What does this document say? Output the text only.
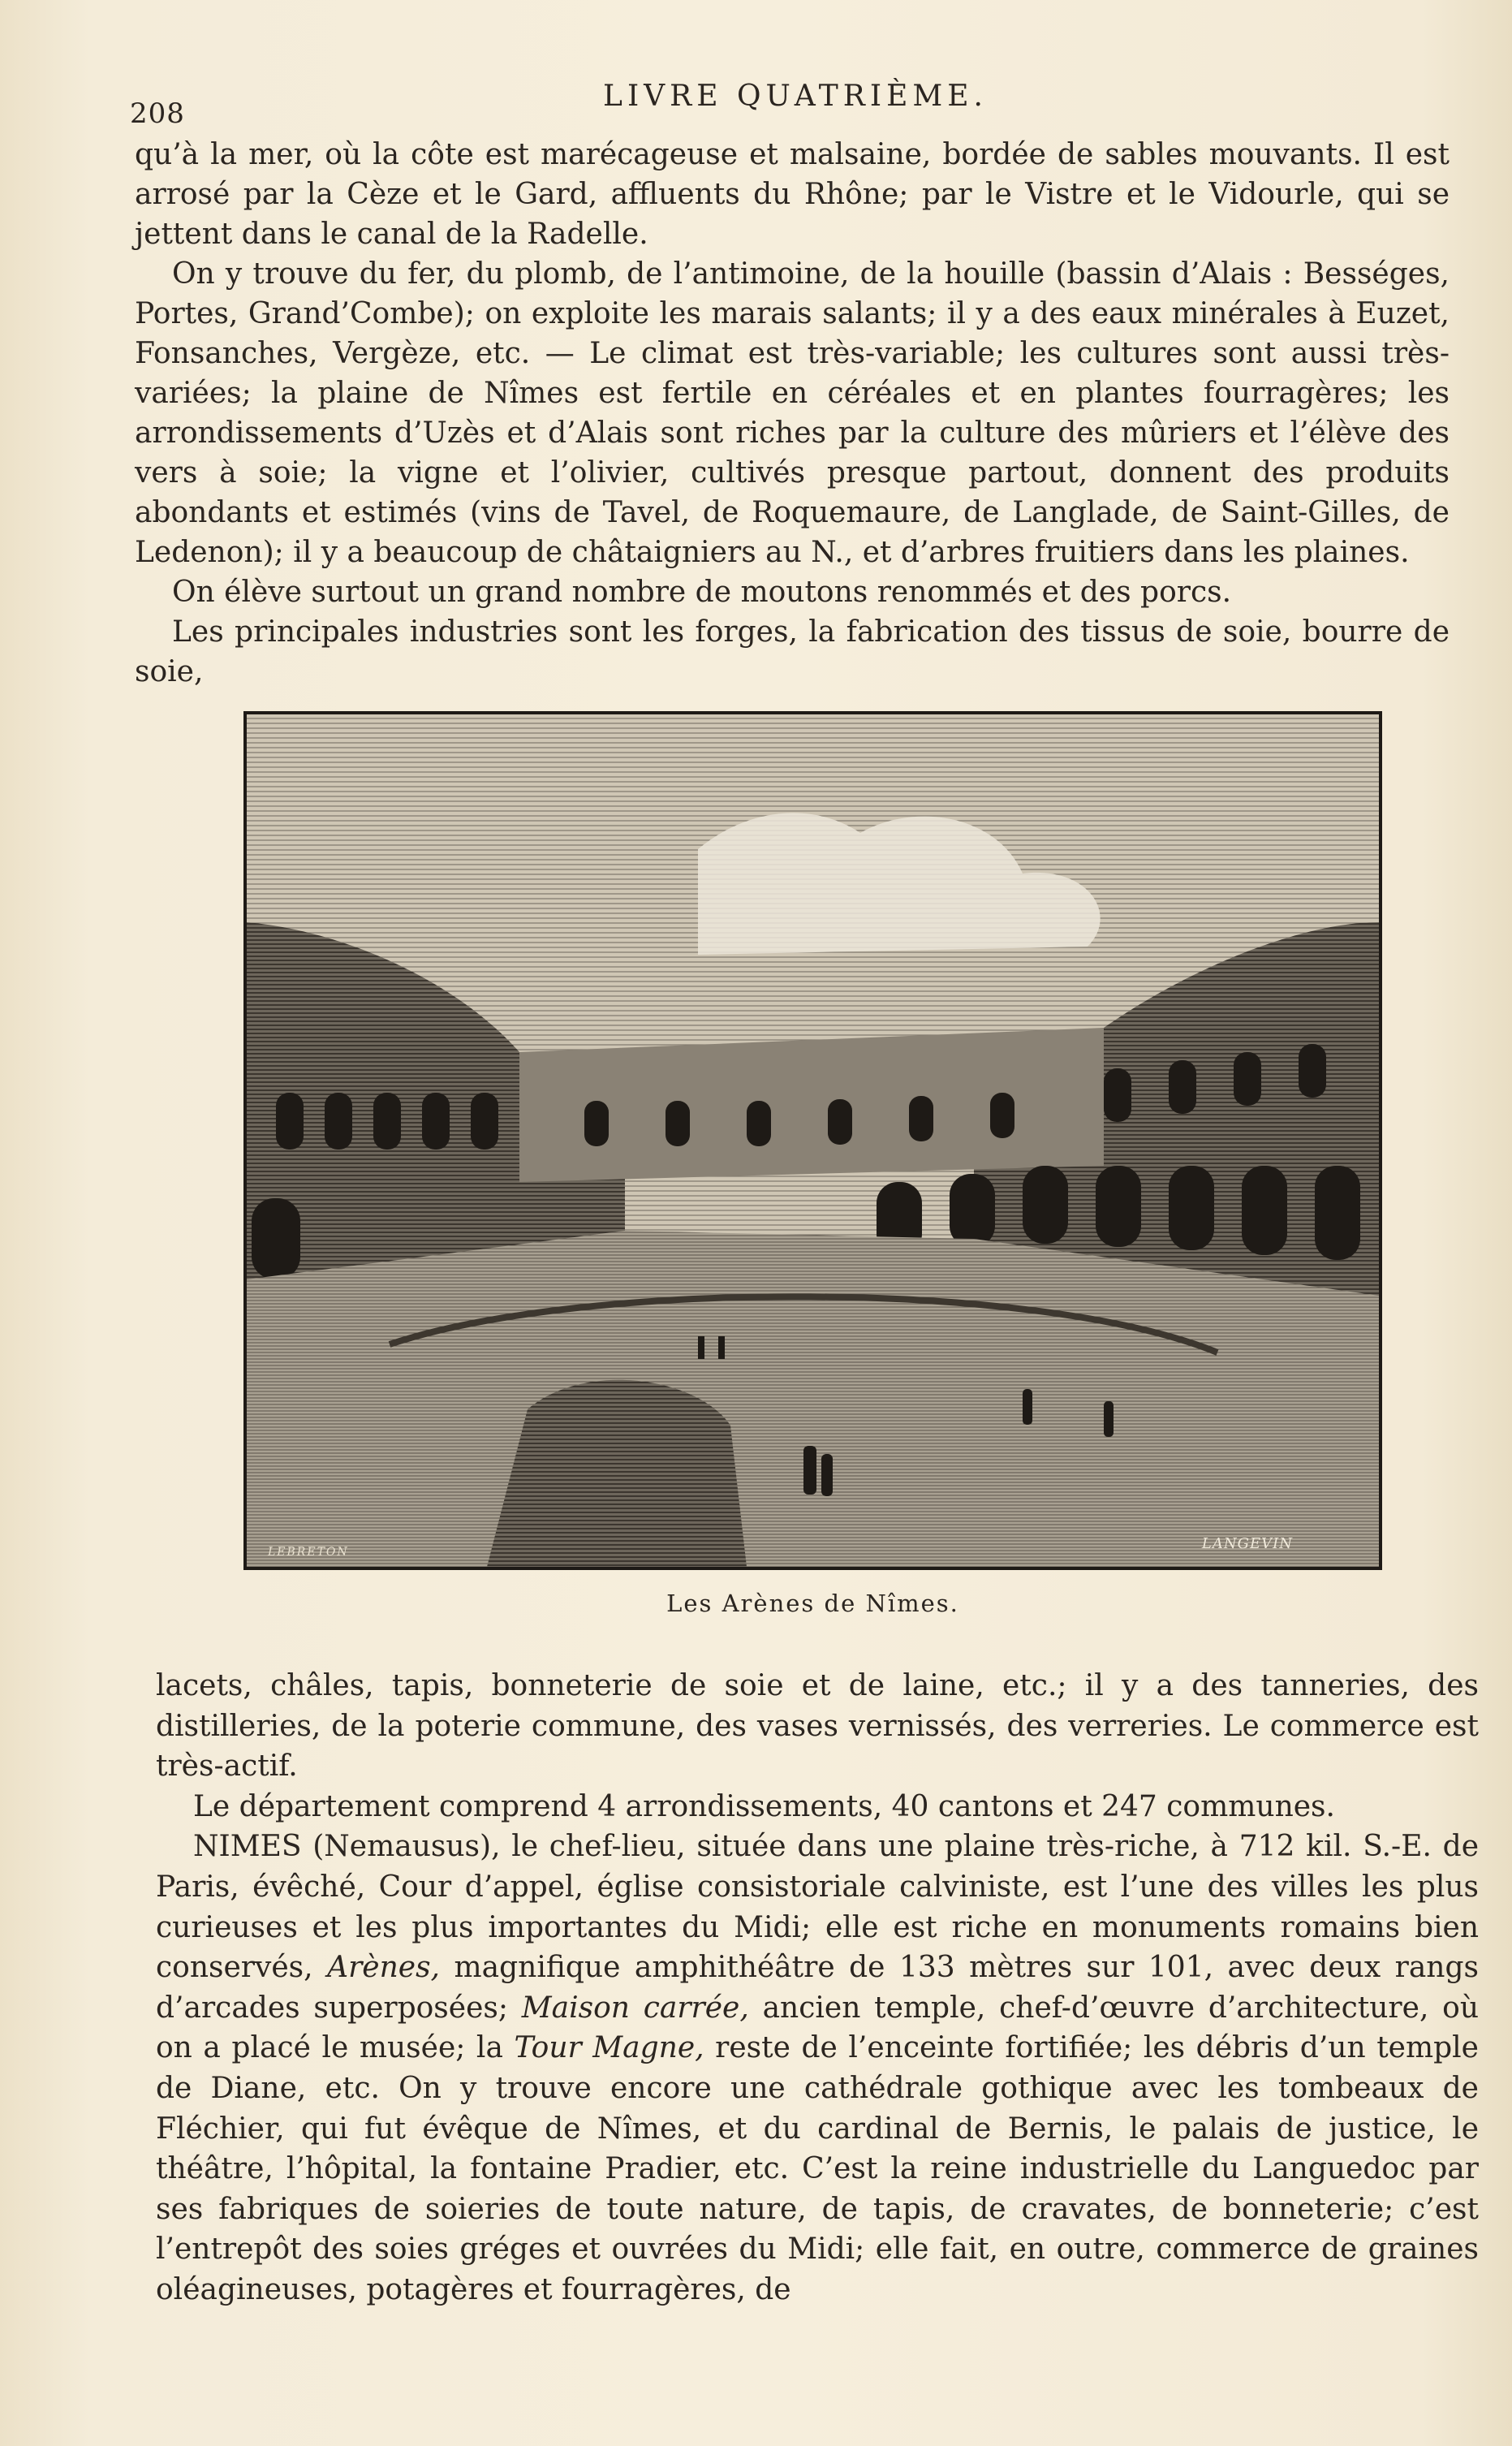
208
LIVRE QUATRIÈME.

qu’à la mer, où la côte est marécageuse et malsaine, bordée de sables mouvants. Il est arrosé par la Cèze et le Gard, affluents du Rhône; par le Vistre et le Vidourle, qui se jettent dans le canal de la Radelle.

On y trouve du fer, du plomb, de l’antimoine, de la houille (bassin d’Alais : Bességes, Portes, Grand’Combe); on exploite les marais salants; il y a des eaux minérales à Euzet, Fonsanches, Vergèze, etc. — Le climat est très-variable; les cultures sont aussi très-variées; la plaine de Nîmes est fertile en céréales et en plantes fourragères; les arrondissements d’Uzès et d’Alais sont riches par la culture des mûriers et l’élève des vers à soie; la vigne et l’olivier, cultivés presque partout, donnent des produits abondants et estimés (vins de Tavel, de Roquemaure, de Langlade, de Saint-Gilles, de Ledenon); il y a beaucoup de châtaigniers au N., et d’arbres fruitiers dans les plaines.

On élève surtout un grand nombre de moutons renommés et des porcs.

Les principales industries sont les forges, la fabrication des tissus de soie, bourre de soie,

LEBRETON	LANGEVIN
Les Arènes de Nîmes.

lacets, châles, tapis, bonneterie de soie et de laine, etc.; il y a des tanneries, des distilleries, de la poterie commune, des vases vernissés, des verreries. Le commerce est très-actif.

Le département comprend 4 arrondissements, 40 cantons et 247 communes.

NIMES (Nemausus), le chef-lieu, située dans une plaine très-riche, à 712 kil. S.-E. de Paris, évêché, Cour d’appel, église consistoriale calviniste, est l’une des villes les plus curieuses et les plus importantes du Midi; elle est riche en monuments romains bien conservés, Arènes, magnifique amphithéâtre de 133 mètres sur 101, avec deux rangs d’arcades superposées; Maison carrée, ancien temple, chef-d’œuvre d’architecture, où on a placé le musée; la Tour Magne, reste de l’enceinte fortifiée; les débris d’un temple de Diane, etc. On y trouve encore une cathédrale gothique avec les tombeaux de Fléchier, qui fut évêque de Nîmes, et du cardinal de Bernis, le palais de justice, le théâtre, l’hôpital, la fontaine Pradier, etc. C’est la reine industrielle du Languedoc par ses fabriques de soieries de toute nature, de tapis, de cravates, de bonneterie; c’est l’entrepôt des soies gréges et ouvrées du Midi; elle fait, en outre, commerce de graines oléagineuses, potagères et fourragères, de
